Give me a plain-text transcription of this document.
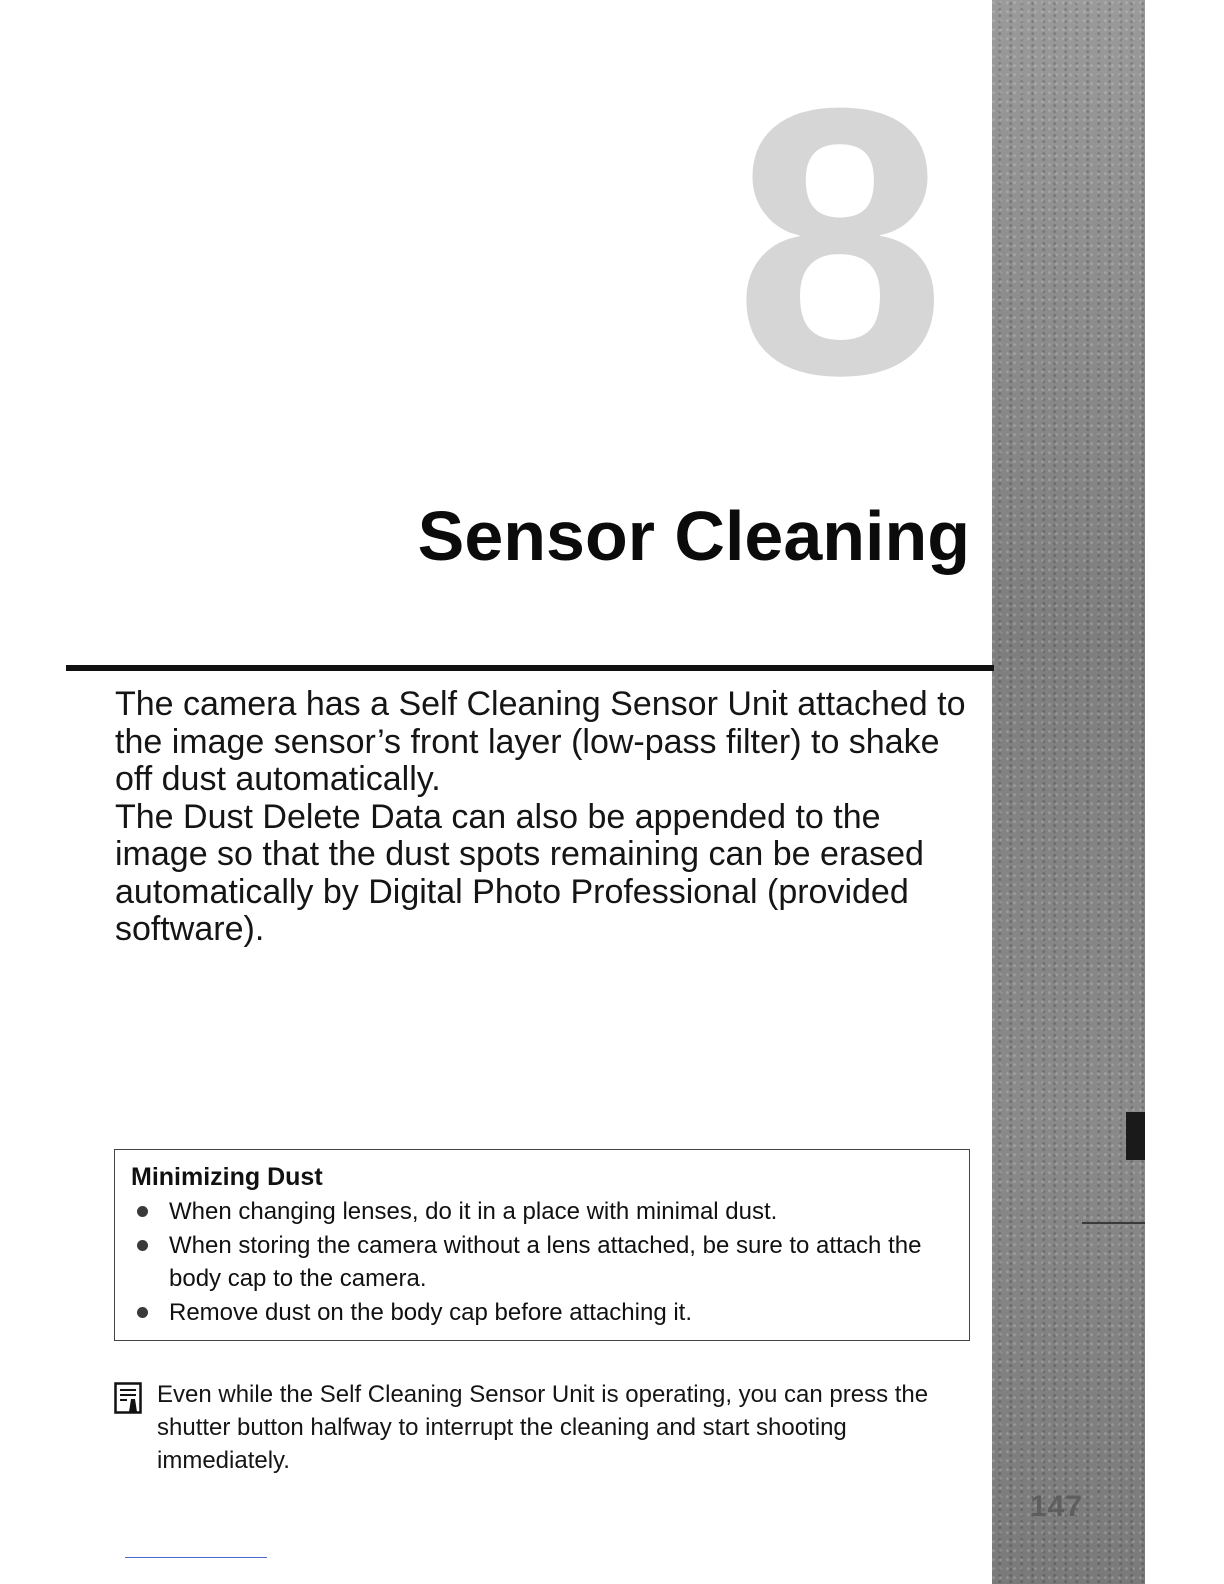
147
8
Sensor Cleaning

The camera has a Self Cleaning Sensor Unit attached to the image sensor’s front layer (low-pass filter) to shake off dust automatically.

The Dust Delete Data can also be appended to the image so that the dust spots remaining can be erased automatically by Digital Photo Professional (provided software).

Minimizing Dust

When changing lenses, do it in a place with minimal dust.
When storing the camera without a lens attached, be sure to attach the body cap to the camera.
Remove dust on the body cap before attaching it.

Even while the Self Cleaning Sensor Unit is operating, you can press the shutter button halfway to interrupt the cleaning and start shooting immediately.
